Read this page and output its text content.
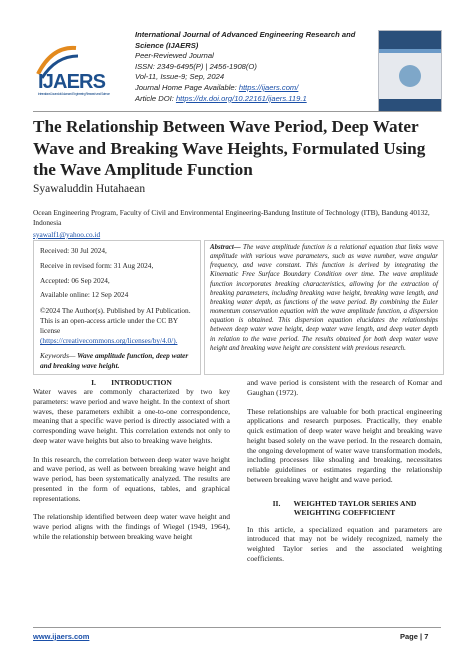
IJAERS
International Journal of Advanced Engineering Research and Science
International Journal of Advanced Engineering Research and Science (IJAERS)
Peer-Reviewed Journal
ISSN: 2349-6495(P) | 2456-1908(O)
Vol-11, Issue-9; Sep, 2024
Journal Home Page Available: https://ijaers.com/
Article DOI: https://dx.doi.org/10.22161/ijaers.119.1
The Relationship Between Wave Period, Deep Water Wave and Breaking Wave Heights, Formulated Using the Wave Amplitude Function
Syawaluddin Hutahaean
Ocean Engineering Program, Faculty of Civil and Environmental Engineering-Bandung Institute of Technology (ITB), Bandung 40132, Indonesia
syawalf1@yahoo.co.id
Received: 30 Jul 2024,
Receive in revised form: 31 Aug 2024,
Accepted: 06 Sep 2024,
Available online: 12 Sep 2024
©2024 The Author(s). Published by AI Publication. This is an open-access article under the CC BY license (https://creativecommons.org/licenses/by/4.0/).
Keywords— Wave amplitude function, deep water and breaking wave height.
Abstract— The wave amplitude function is a relational equation that links wave amplitude with various wave parameters, such as wave number, wave angular frequency, and wave constant. This function is derived by integrating the Kinematic Free Surface Boundary Condition over time. The wave amplitude function incorporates breaking characteristics, allowing for the extraction of breaking parameters, including breaking wave height, breaking wave length, and breaking water depth, as functions of the wave period. By combining the Euler momentum conservation equation with the wave amplitude function, a dispersion equation is obtained. This dispersion equation elucidates the relationships between deep water wave height, deep water wave length, and deep water depth in relation to the wave period. The results obtained for both deep water wave height and breaking wave height are consistent with previous research.
I.        INTRODUCTION
Water waves are commonly characterized by two key parameters: wave period and wave height. In the context of short waves, these parameters exhibit a one-to-one correspondence, meaning that a specific wave period is directly associated with a corresponding wave height. This correlation extends not only to deep water wave heights but also to breaking wave heights.
In this research, the correlation between deep water wave height and wave period, as well as between breaking wave height and wave period, has been systematically analyzed. The results are presented in the form of equations, tables, and graphical representations.
The relationship identified between deep water wave height and wave period aligns with the findings of Wiegel (1949, 1964), while the relationship between breaking wave height
and wave period is consistent with the research of Komar and Gaughan (1972).
These relationships are valuable for both practical engineering applications and research purposes. Practically, they enable quick estimation of deep water wave height and breaking wave height based solely on the wave period. In the research domain, the ongoing development of water wave transformation models, including processes like shoaling and breaking, necessitates reliable guidelines or estimates regarding the relationship between breaking wave height and wave period.
II.       WEIGHTED TAYLOR SERIES AND WEIGHTING COEFFICIENT
In this article, a specialized equation and parameters are introduced that may not be widely recognized, namely the weighted Taylor series and the associated weighting coefficients.
www.ijaers.com	Page | 7
